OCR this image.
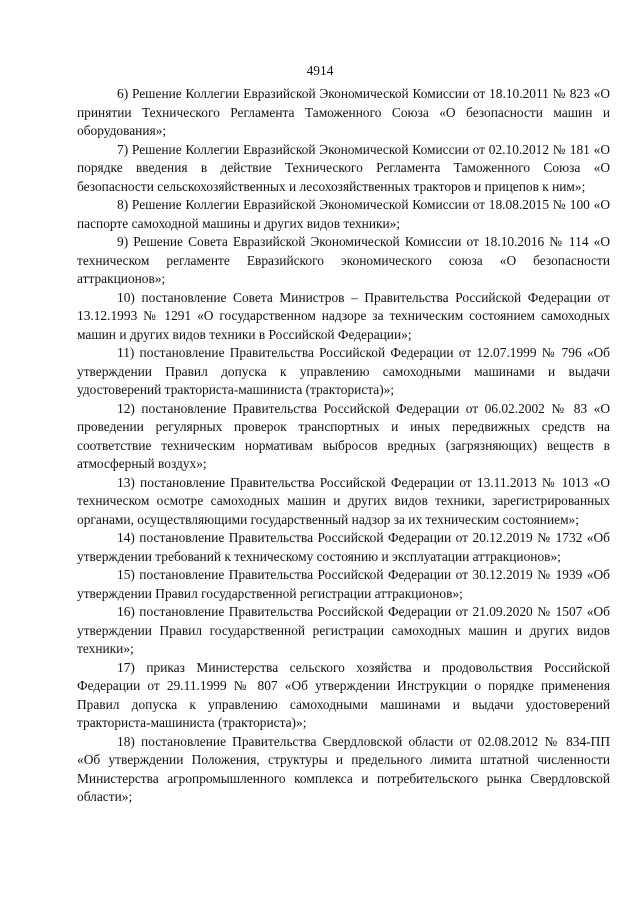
4914

6) Решение Коллегии Евразийской Экономической Комиссии от 18.10.2011 № 823 «О принятии Технического Регламента Таможенного Союза «О безопасности машин и оборудования»;

7) Решение Коллегии Евразийской Экономической Комиссии от 02.10.2012 № 181 «О порядке введения в действие Технического Регламента Таможенного Союза «О безопасности сельскохозяйственных и лесохозяйственных тракторов и прицепов к ним»;

8) Решение Коллегии Евразийской Экономической Комиссии от 18.08.2015 № 100 «О паспорте самоходной машины и других видов техники»;

9) Решение Совета Евразийской Экономической Комиссии от 18.10.2016 № 114 «О техническом регламенте Евразийского экономического союза «О безопасности аттракционов»;

10) постановление Совета Министров – Правительства Российской Федерации от 13.12.1993 № 1291 «О государственном надзоре за техническим состоянием самоходных машин и других видов техники в Российской Федерации»;

11) постановление Правительства Российской Федерации от 12.07.1999 № 796 «Об утверждении Правил допуска к управлению самоходными машинами и выдачи удостоверений тракториста-машиниста (тракториста)»;

12) постановление Правительства Российской Федерации от 06.02.2002 № 83 «О проведении регулярных проверок транспортных и иных передвижных средств на соответствие техническим нормативам выбросов вредных (загрязняющих) веществ в атмосферный воздух»;

13) постановление Правительства Российской Федерации от 13.11.2013 № 1013 «О техническом осмотре самоходных машин и других видов техники, зарегистрированных органами, осуществляющими государственный надзор за их техническим состоянием»;

14) постановление Правительства Российской Федерации от 20.12.2019 № 1732 «Об утверждении требований к техническому состоянию и эксплуатации аттракционов»;

15) постановление Правительства Российской Федерации от 30.12.2019 № 1939 «Об утверждении Правил государственной регистрации аттракционов»;

16) постановление Правительства Российской Федерации от 21.09.2020 № 1507 «Об утверждении Правил государственной регистрации самоходных машин и других видов техники»;

17) приказ Министерства сельского хозяйства и продовольствия Российской Федерации от 29.11.1999 № 807 «Об утверждении Инструкции о порядке применения Правил допуска к управлению самоходными машинами и выдачи удостоверений тракториста-машиниста (тракториста)»;

18) постановление Правительства Свердловской области от 02.08.2012 № 834-ПП «Об утверждении Положения, структуры и предельного лимита штатной численности Министерства агропромышленного комплекса и потребительского рынка Свердловской области»;
